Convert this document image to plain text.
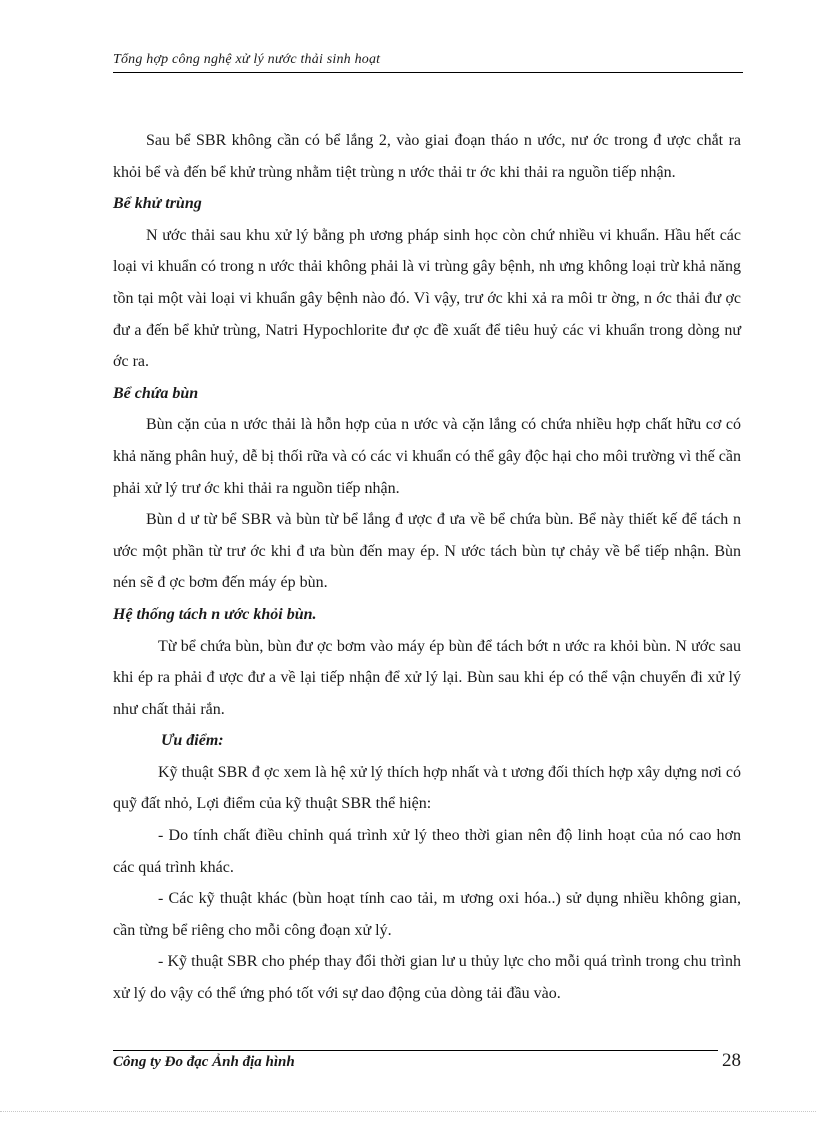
Tổng hợp công nghệ xử lý nước thải sinh hoạt

Sau bể SBR không cần có bể lắng 2, vào giai đoạn tháo n ước, nư ớc trong đ ược chắt ra khỏi bể và đến bể khử trùng nhằm tiệt trùng n ước thải tr ớc khi thải ra nguồn tiếp nhận.

Bể khử trùng

N ước thải sau khu xử lý bằng ph ương pháp sinh học còn chứ nhiều vi khuẩn. Hầu hết các loại vi khuẩn có trong n ước thải không phải là vi trùng gây bệnh, nh ưng không loại trừ khả năng tồn tại một vài loại vi khuẩn gây bệnh nào đó. Vì vậy, trư ớc khi xả ra môi tr ờng, n ớc thải đư ợc đư a đến bể khử trùng, Natri Hypochlorite đư ợc đề xuất để tiêu huỷ các vi khuẩn trong dòng nư ớc ra.

Bể chứa bùn

Bùn cặn của n ước thải là hỗn hợp của n ước và cặn lắng có chứa nhiều hợp chất hữu cơ có khả năng phân huỷ, dễ bị thối rữa và có các vi khuẩn có thể gây độc hại cho môi trường vì thế cần phải xử lý trư ớc khi thải ra nguồn tiếp nhận.

Bùn d ư từ bể SBR và bùn từ bể lắng đ ược đ ưa về bể chứa bùn. Bể này thiết kế để tách n ước một phần từ trư ớc khi đ ưa bùn đến may ép. N ước tách bùn tự chảy về bể tiếp nhận. Bùn nén sẽ đ ợc bơm đến máy ép bùn.

Hệ thống tách n ước khỏi bùn.

Từ bể chứa bùn, bùn đư ợc bơm vào máy ép bùn để tách bớt n ước ra khỏi bùn. N ước sau khi ép ra phải đ ược đư a về lại tiếp nhận để xử lý lại. Bùn sau khi ép có thể vận chuyển đi xử lý như chất thải rắn.

Ưu điểm:

Kỹ thuật SBR đ ợc xem là hệ xử lý thích hợp nhất và t ương đối thích hợp xây dựng nơi có quỹ đất nhỏ, Lợi điểm của kỹ thuật SBR thể hiện:

- Do tính chất điều chỉnh quá trình xử lý theo thời gian nên độ linh hoạt của nó cao hơn các quá trình khác.

- Các kỹ thuật khác (bùn hoạt tính cao tải, m ương oxi hóa..) sử dụng nhiều không gian, cần từng bể riêng cho mỗi công đoạn xử lý.

- Kỹ thuật SBR cho phép thay đổi thời gian lư u thủy lực cho mỗi quá trình trong chu trình xử lý do vậy có thể ứng phó tốt với sự dao động của dòng tải đầu vào.

Công ty Đo đạc Ảnh địa hình	28
